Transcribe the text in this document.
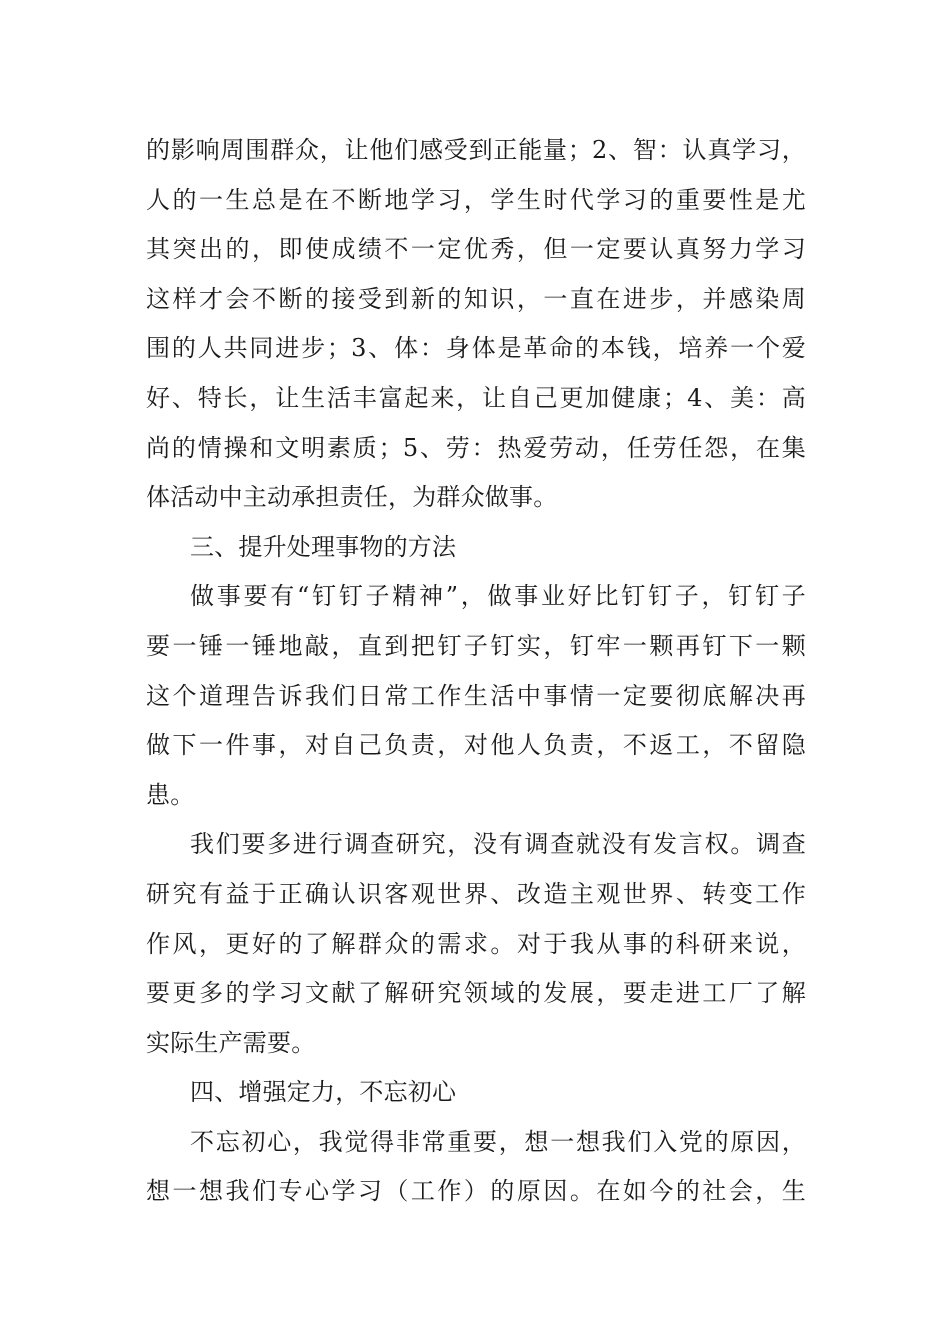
的影响周围群众，让他们感受到正能量；2、智：认真学习，
人的一生总是在不断地学习，学生时代学习的重要性是尤
其突出的，即使成绩不一定优秀，但一定要认真努力学习
这样才会不断的接受到新的知识，一直在进步，并感染周
围的人共同进步；3、体：身体是革命的本钱，培养一个爱
好、特长，让生活丰富起来，让自己更加健康；4、美：高
尚的情操和文明素质；5、劳：热爱劳动，任劳任怨，在集
体活动中主动承担责任，为群众做事。
三、提升处理事物的方法
做事要有“钉钉子精神”，做事业好比钉钉子，钉钉子
要一锤一锤地敲，直到把钉子钉实，钉牢一颗再钉下一颗
这个道理告诉我们日常工作生活中事情一定要彻底解决再
做下一件事，对自己负责，对他人负责，不返工，不留隐
患。
我们要多进行调查研究，没有调查就没有发言权。调查
研究有益于正确认识客观世界、改造主观世界、转变工作
作风，更好的了解群众的需求。对于我从事的科研来说，
要更多的学习文献了解研究领域的发展，要走进工厂了解
实际生产需要。
四、增强定力，不忘初心
不忘初心，我觉得非常重要，想一想我们入党的原因，
想一想我们专心学习（工作）的原因。在如今的社会，生
